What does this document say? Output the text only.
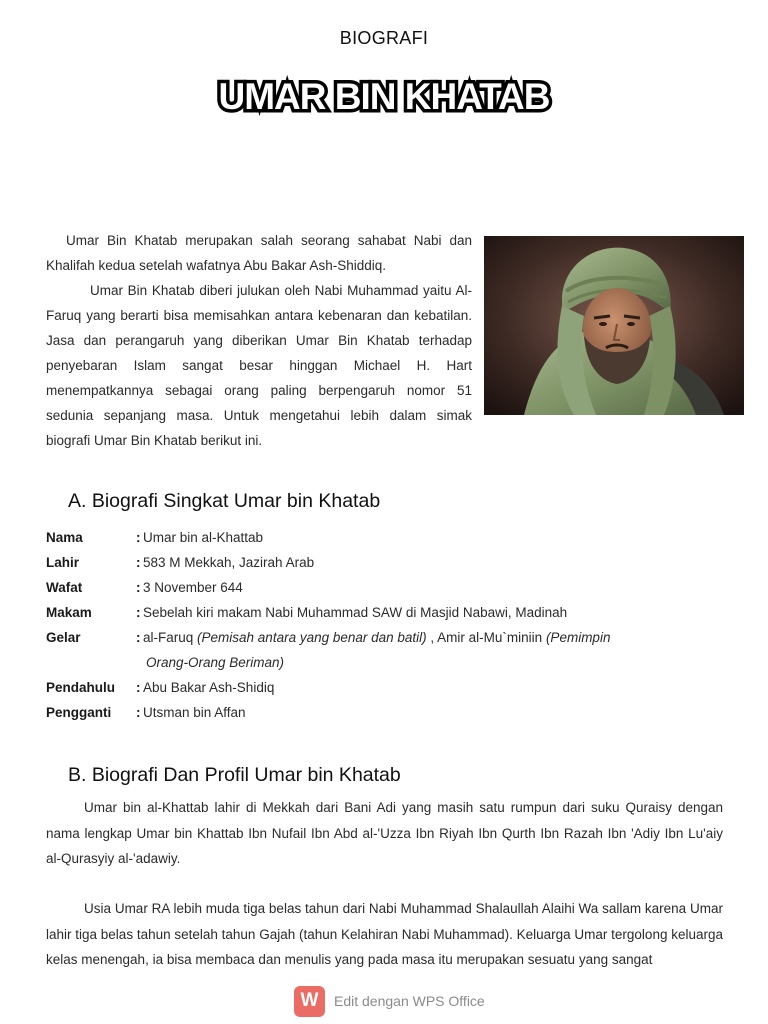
BIOGRAFI
UMAR BIN KHATAB

Umar Bin Khatab merupakan salah seorang sahabat Nabi dan Khalifah kedua setelah wafatnya Abu Bakar Ash-Shiddiq.

Umar Bin Khatab diberi julukan oleh Nabi Muhammad yaitu Al-Faruq yang berarti bisa memisahkan antara kebenaran dan kebatilan. Jasa dan perangaruh yang diberikan Umar Bin Khatab terhadap penyebaran Islam sangat besar hinggan Michael H. Hart menempatkannya sebagai orang paling berpengaruh nomor 51 sedunia sepanjang masa. Untuk mengetahui lebih dalam simak biografi Umar Bin Khatab berikut ini.

A. Biografi Singkat Umar bin Khatab
Nama	: Umar bin al-Khattab
Lahir	: 583 M Mekkah, Jazirah Arab
Wafat	: 3 November 644
Makam	: Sebelah kiri makam Nabi Muhammad SAW di Masjid Nabawi, Madinah
Gelar	: al-Faruq (Pemisah antara yang benar dan batil) , Amir al-Mu`miniin (Pemimpin
Orang-Orang Beriman)
Pendahulu	: Abu Bakar Ash-Shidiq
Pengganti	: Utsman bin Affan
B. Biografi Dan Profil Umar bin Khatab

Umar bin al-Khattab lahir di Mekkah dari Bani Adi yang masih satu rumpun dari suku Quraisy dengan nama lengkap Umar bin Khattab Ibn Nufail Ibn Abd al-'Uzza Ibn Riyah Ibn Qurth Ibn Razah Ibn 'Adiy Ibn Lu'aiy al-Qurasyiy al-'adawiy.

Usia Umar RA lebih muda tiga belas tahun dari Nabi Muhammad Shalaullah Alaihi Wa sallam karena Umar lahir tiga belas tahun setelah tahun Gajah (tahun Kelahiran Nabi Muhammad). Keluarga Umar tergolong keluarga kelas menengah, ia bisa membaca dan menulis yang pada masa itu merupakan sesuatu yang sangat

W	Edit dengan WPS Office
